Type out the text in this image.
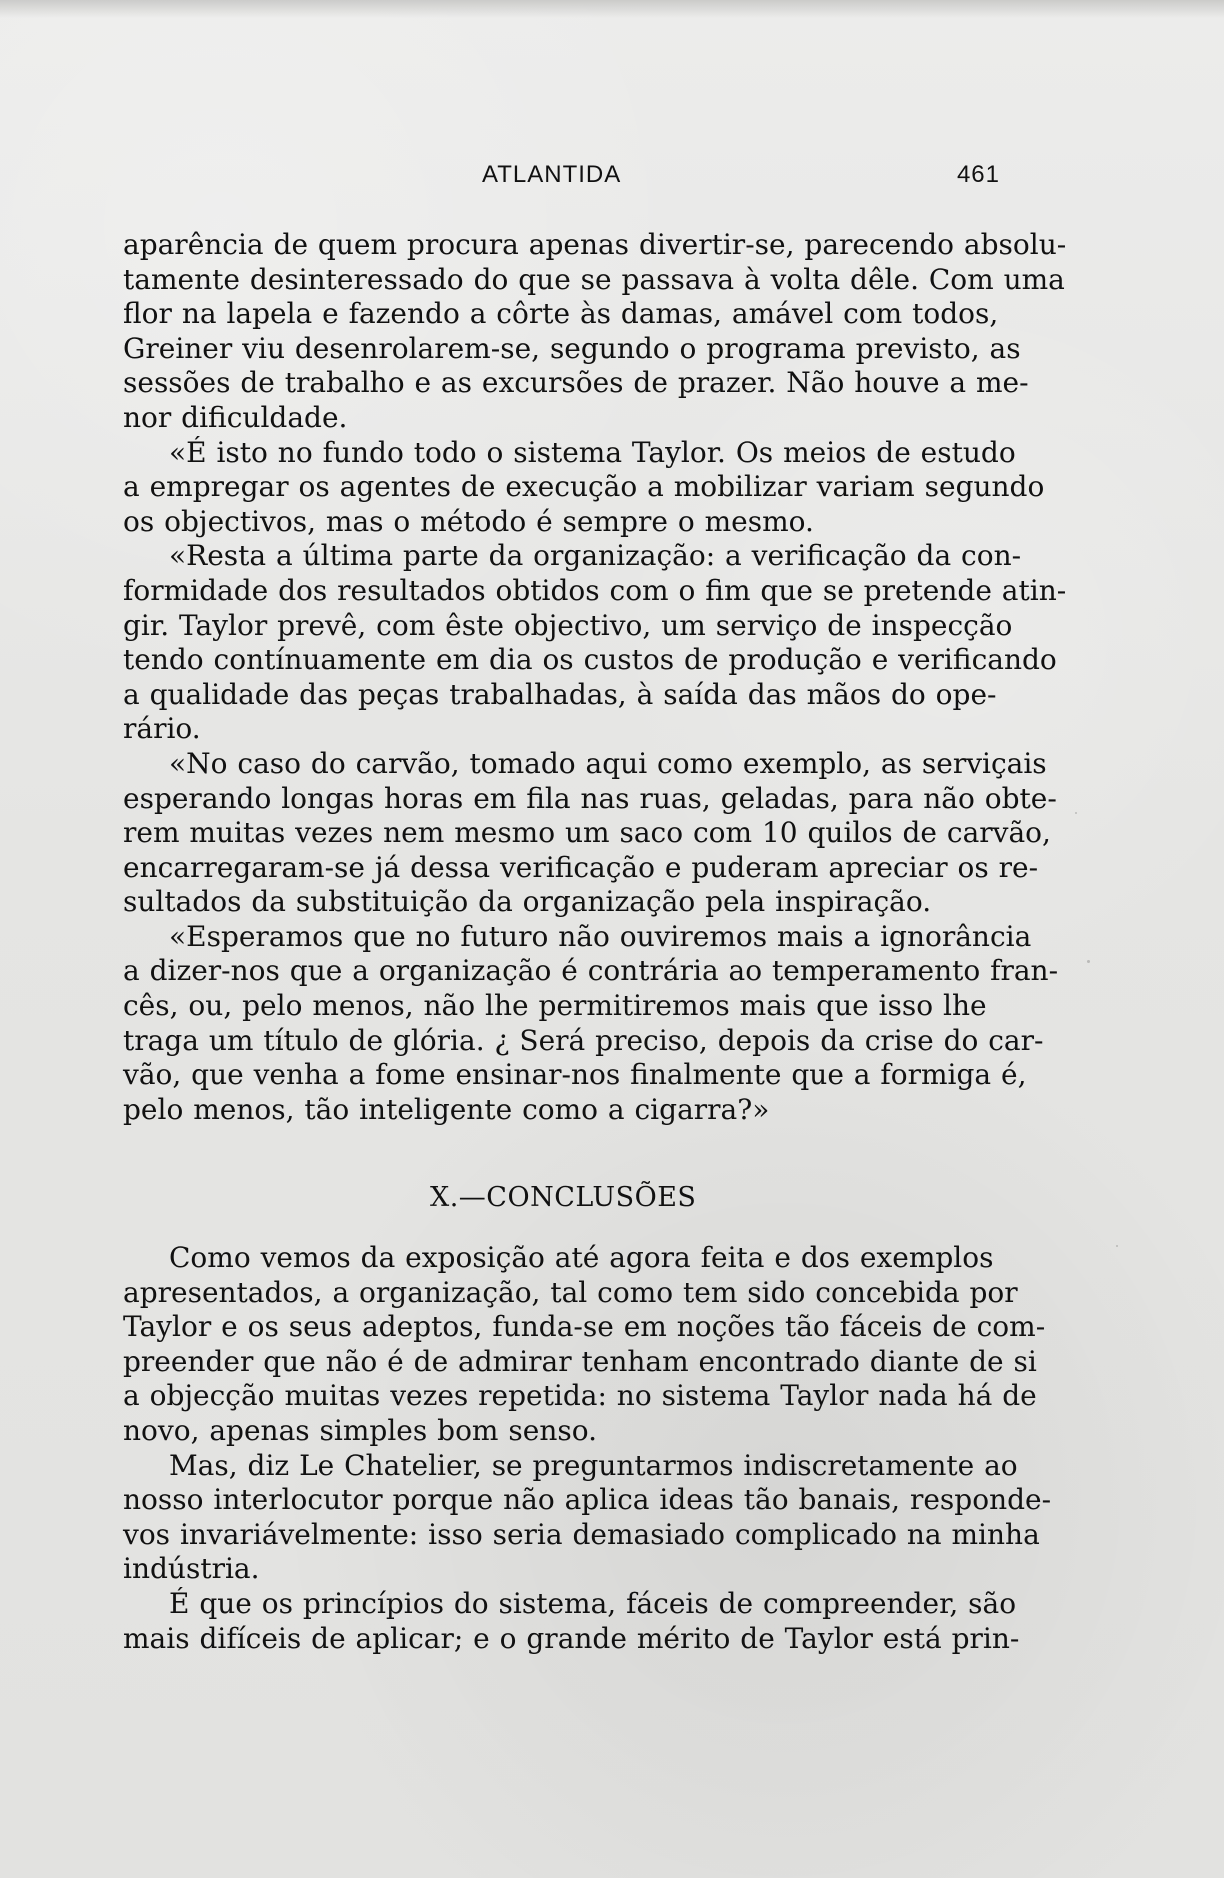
ATLANTIDA	461
aparência de quem procura apenas divertir-se, parecendo absolu-
tamente desinteressado do que se passava à volta dêle. Com uma
flor na lapela e fazendo a côrte às damas, amável com todos,
Greiner viu desenrolarem-se, segundo o programa previsto, as
sessões de trabalho e as excursões de prazer. Não houve a me-
nor dificuldade.
«É isto no fundo todo o sistema Taylor. Os meios de estudo
a empregar os agentes de execução a mobilizar variam segundo
os objectivos, mas o método é sempre o mesmo.
«Resta a última parte da organização: a verificação da con-
formidade dos resultados obtidos com o fim que se pretende atin-
gir. Taylor prevê, com êste objectivo, um serviço de inspecção
tendo contínuamente em dia os custos de produção e verificando
a qualidade das peças trabalhadas, à saída das mãos do ope-
rário.
«No caso do carvão, tomado aqui como exemplo, as serviçais
esperando longas horas em fila nas ruas, geladas, para não obte-
rem muitas vezes nem mesmo um saco com 10 quilos de carvão,
encarregaram-se já dessa verificação e puderam apreciar os re-
sultados da substituição da organização pela inspiração.
«Esperamos que no futuro não ouviremos mais a ignorância
a dizer-nos que a organização é contrária ao temperamento fran-
cês, ou, pelo menos, não lhe permitiremos mais que isso lhe
traga um título de glória. ¿ Será preciso, depois da crise do car-
vão, que venha a fome ensinar-nos finalmente que a formiga é,
pelo menos, tão inteligente como a cigarra?»
X.—CONCLUSÕES
Como vemos da exposição até agora feita e dos exemplos
apresentados, a organização, tal como tem sido concebida por
Taylor e os seus adeptos, funda-se em noções tão fáceis de com-
preender que não é de admirar tenham encontrado diante de si
a objecção muitas vezes repetida: no sistema Taylor nada há de
novo, apenas simples bom senso.
Mas, diz Le Chatelier, se preguntarmos indiscretamente ao
nosso interlocutor porque não aplica ideas tão banais, responde-
vos invariávelmente: isso seria demasiado complicado na minha
indústria.
É que os princípios do sistema, fáceis de compreender, são
mais difíceis de aplicar; e o grande mérito de Taylor está prin-
